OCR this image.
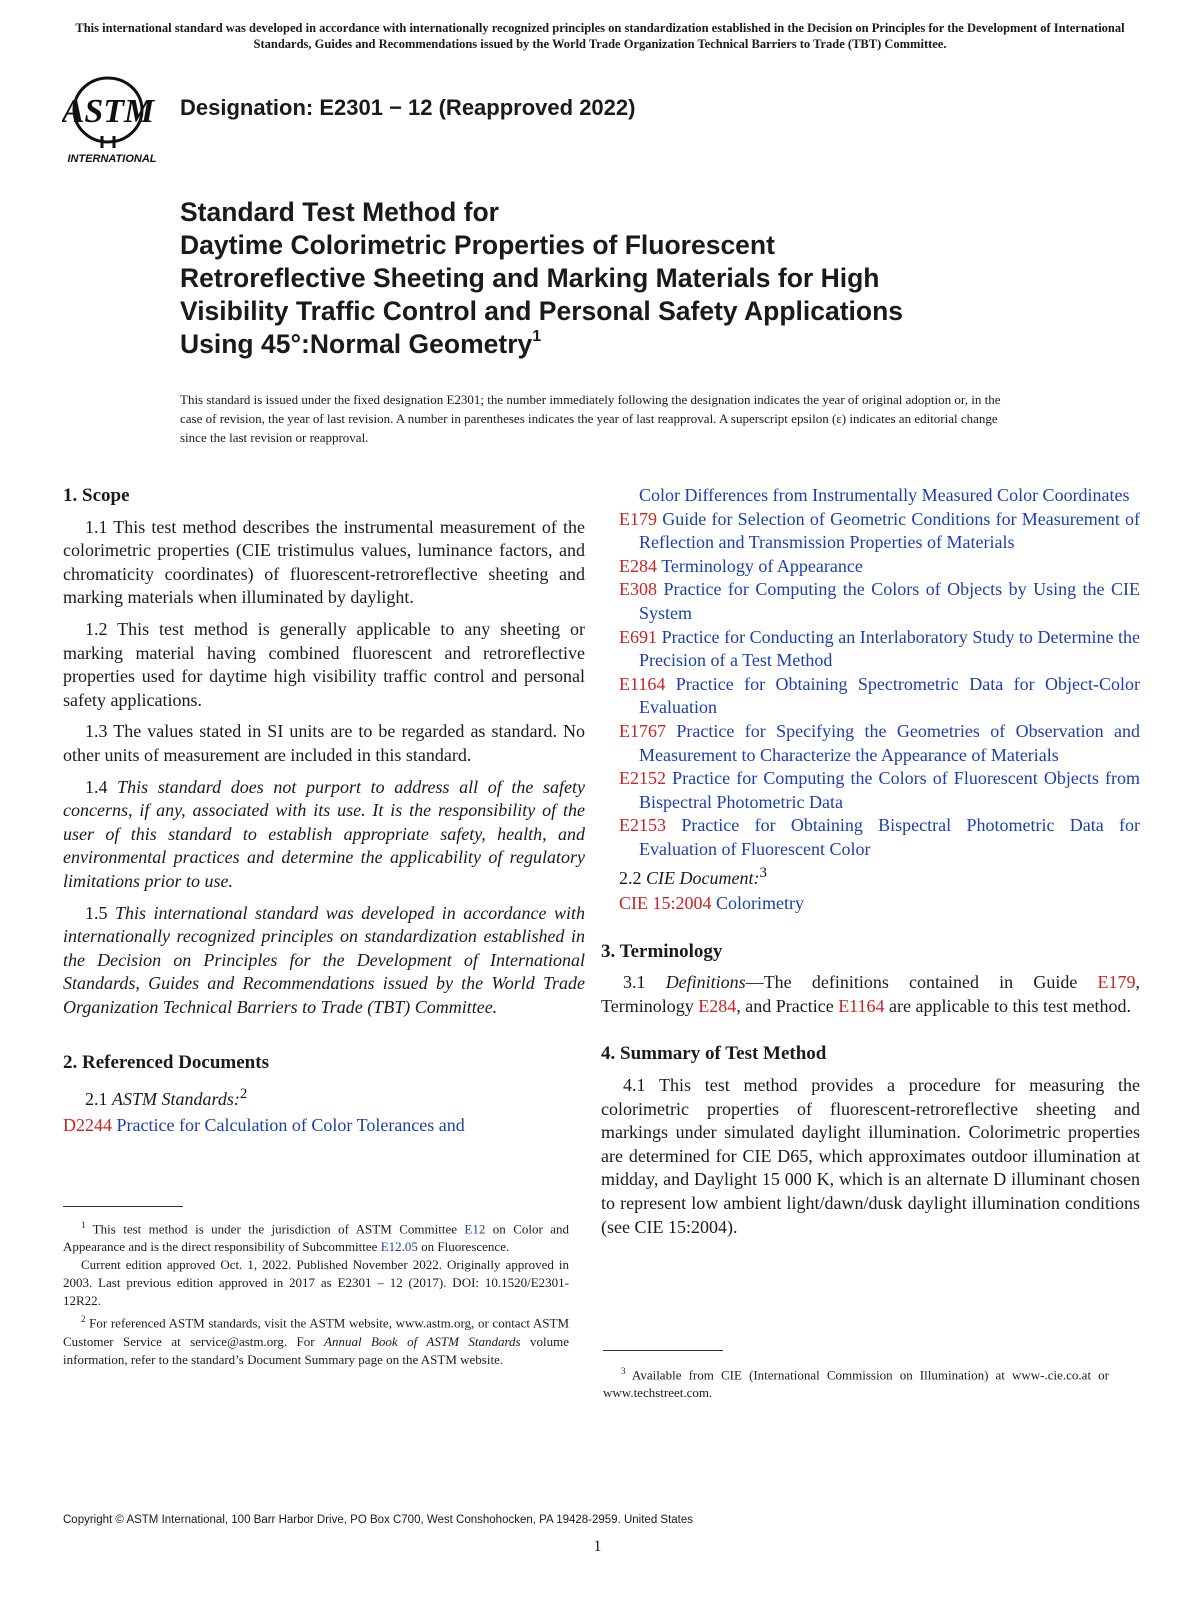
This international standard was developed in accordance with internationally recognized principles on standardization established in the Decision on Principles for the Development of International Standards, Guides and Recommendations issued by the World Trade Organization Technical Barriers to Trade (TBT) Committee.
ASTM
INTERNATIONAL
Designation: E2301 − 12 (Reapproved 2022)
Standard Test Method for
Daytime Colorimetric Properties of Fluorescent
Retroreflective Sheeting and Marking Materials for High
Visibility Traffic Control and Personal Safety Applications
Using 45°:Normal Geometry$^1$
This standard is issued under the fixed designation E2301; the number immediately following the designation indicates the year of original adoption or, in the case of revision, the year of last revision. A number in parentheses indicates the year of last reapproval. A superscript epsilon (ε) indicates an editorial change since the last revision or reapproval.
1. Scope

1.1 This test method describes the instrumental measurement of the colorimetric properties (CIE tristimulus values, luminance factors, and chromaticity coordinates) of fluorescent-retroreflective sheeting and marking materials when illuminated by daylight.

1.2 This test method is generally applicable to any sheeting or marking material having combined fluorescent and retroreflective properties used for daytime high visibility traffic control and personal safety applications.

1.3 The values stated in SI units are to be regarded as standard. No other units of measurement are included in this standard.

1.4 This standard does not purport to address all of the safety concerns, if any, associated with its use. It is the responsibility of the user of this standard to establish appropriate safety, health, and environmental practices and determine the applicability of regulatory limitations prior to use.

1.5 This international standard was developed in accordance with internationally recognized principles on standardization established in the Decision on Principles for the Development of International Standards, Guides and Recommendations issued by the World Trade Organization Technical Barriers to Trade (TBT) Committee.

2. Referenced Documents

2.1 ASTM Standards:$^2$

D2244 Practice for Calculation of Color Tolerances and

$^1$ This test method is under the jurisdiction of ASTM Committee E12 on Color and Appearance and is the direct responsibility of Subcommittee E12.05 on Fluorescence.

Current edition approved Oct. 1, 2022. Published November 2022. Originally approved in 2003. Last previous edition approved in 2017 as E2301 – 12 (2017). DOI: 10.1520/E2301-12R22.

$^2$ For referenced ASTM standards, visit the ASTM website, www.astm.org, or contact ASTM Customer Service at service@astm.org. For Annual Book of ASTM Standards volume information, refer to the standard’s Document Summary page on the ASTM website.

Color Differences from Instrumentally Measured Color Coordinates

E179 Guide for Selection of Geometric Conditions for Measurement of Reflection and Transmission Properties of Materials

E284 Terminology of Appearance

E308 Practice for Computing the Colors of Objects by Using the CIE System

E691 Practice for Conducting an Interlaboratory Study to Determine the Precision of a Test Method

E1164 Practice for Obtaining Spectrometric Data for Object-Color Evaluation

E1767 Practice for Specifying the Geometries of Observation and Measurement to Characterize the Appearance of Materials

E2152 Practice for Computing the Colors of Fluorescent Objects from Bispectral Photometric Data

E2153 Practice for Obtaining Bispectral Photometric Data for Evaluation of Fluorescent Color

2.2 CIE Document:$^3$

CIE 15:2004 Colorimetry

3. Terminology

3.1 Definitions—The definitions contained in Guide E179, Terminology E284, and Practice E1164 are applicable to this test method.

4. Summary of Test Method

4.1 This test method provides a procedure for measuring the colorimetric properties of fluorescent-retroreflective sheeting and markings under simulated daylight illumination. Colorimetric properties are determined for CIE D65, which approximates outdoor illumination at midday, and Daylight 15 000 K, which is an alternate D illuminant chosen to represent low ambient light/dawn/dusk daylight illumination conditions (see CIE 15:2004).

$^3$ Available from CIE (International Commission on Illumination) at www-.cie.co.at or www.techstreet.com.

Copyright © ASTM International, 100 Barr Harbor Drive, PO Box C700, West Conshohocken, PA 19428-2959. United States
1
